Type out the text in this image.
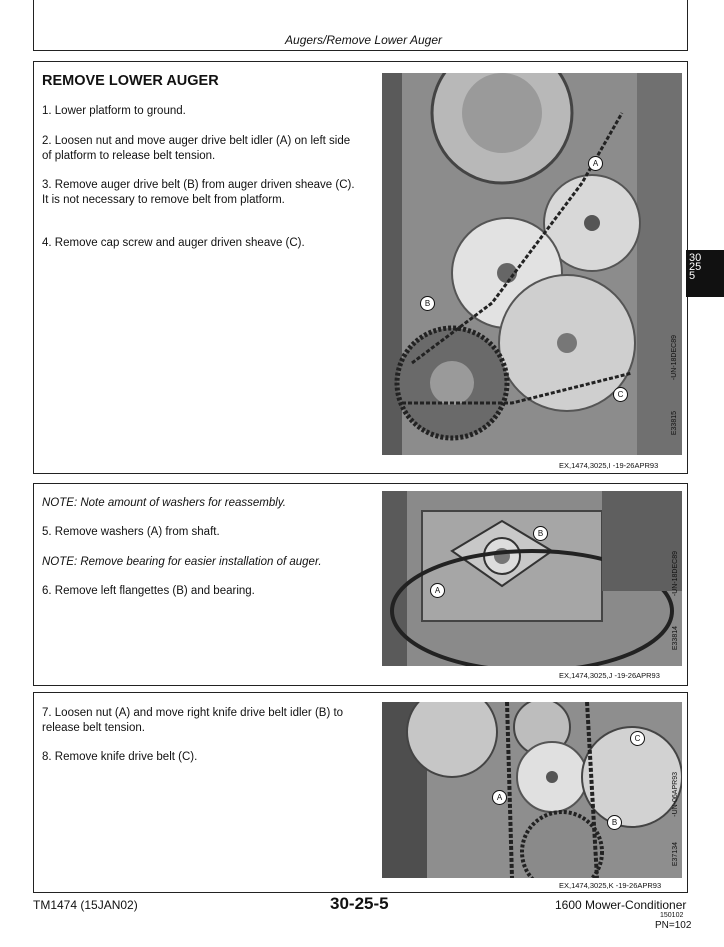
Augers/Remove Lower Auger
REMOVE LOWER AUGER
1. Lower platform to ground.
2. Loosen nut and move auger drive belt idler (A) on left side of platform to release belt tension.
3. Remove auger drive belt (B) from auger driven sheave (C). It is not necessary to remove belt from platform.
4. Remove cap screw and auger driven sheave (C).
A
B
C
E33815
-UN-18DEC89
EX,1474,3025,I -19-26APR93
30
25
5
NOTE: Note amount of washers for reassembly.
5. Remove washers (A) from shaft.
NOTE: Remove bearing for easier installation of auger.
6. Remove left flangettes (B) and bearing.	A
B
E33814
-UN-18DEC89
EX,1474,3025,J -19-26APR93
7. Loosen nut (A) and move right knife drive belt idler (B) to release belt tension.
8. Remove knife drive belt (C).
A
B
C
E37134
-UN-06APR93
EX,1474,3025,K -19-26APR93
TM1474 (15JAN02)	30-25-5	1600 Mower-Conditioner
150102
PN=102
